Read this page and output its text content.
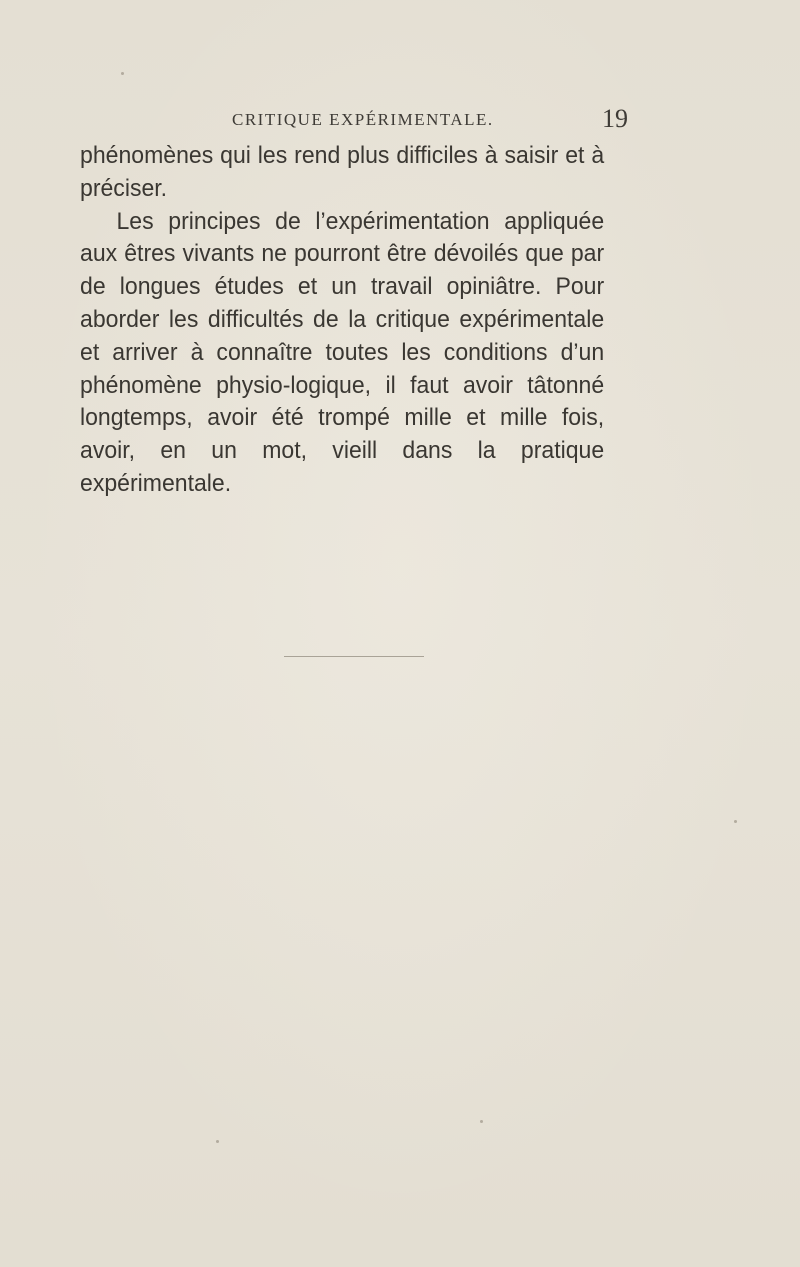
CRITIQUE EXPÉRIMENTALE.	19

phénomènes qui les rend plus difficiles à saisir et à préciser.

Les principes de l’expérimentation appliquée aux êtres vivants ne pourront être dévoilés que par de longues études et un travail opiniâtre. Pour aborder les difficultés de la critique expérimentale et arriver à connaître toutes les conditions d’un phénomène physio-logique, il faut avoir tâtonné longtemps, avoir été trompé mille et mille fois, avoir, en un mot, vieill dans la pratique expérimentale.
